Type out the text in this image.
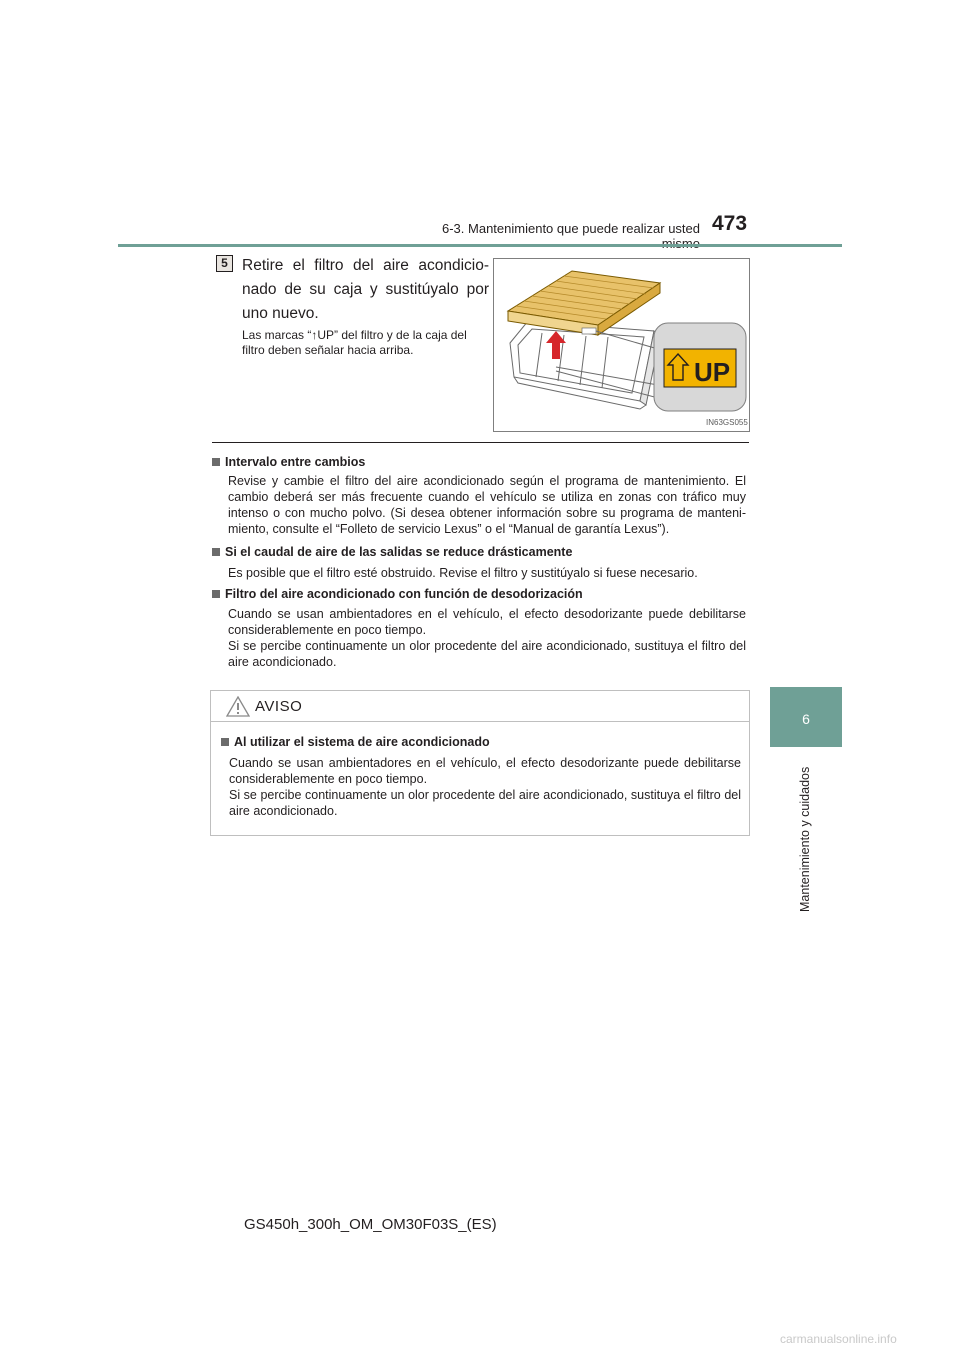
6-3. Mantenimiento que puede realizar usted 473
6
Mantenimiento y cuidados
5 Retire el filtro del aire acondicio-nado de su caja y sustitúyalo por uno nuevo.
Las marcas “↑UP” del filtro y de la caja del filtro deben señalar hacia arriba.
UP
IN63GS055
Intervalo entre cambios
Revise y cambie el filtro del aire acondicionado según el programa de mantenimiento. El cambio deberá ser más frecuente cuando el vehículo se utiliza en zonas con tráfico muy intenso o con mucho polvo. (Si desea obtener información sobre su programa de manteni-miento, consulte el “Folleto de servicio Lexus” o el “Manual de garantía Lexus”).
Si el caudal de aire de las salidas se reduce drásticamente
Es posible que el filtro esté obstruido. Revise el filtro y sustitúyalo si fuese necesario.
Filtro del aire acondicionado con función de desodorización
Cuando se usan ambientadores en el vehículo, el efecto desodorizante puede debilitarse considerablemente en poco tiempo.
Si se percibe continuamente un olor procedente del aire acondicionado, sustituya el filtro del aire acondicionado.
AVISO
Al utilizar el sistema de aire acondicionado
Cuando se usan ambientadores en el vehículo, el efecto desodorizante puede debilitarse considerablemente en poco tiempo.
Si se percibe continuamente un olor procedente del aire acondicionado, sustituya el filtro del aire acondicionado.
GS450h_300h_OM_OM30F03S_(ES)
carmanualsonline.info
